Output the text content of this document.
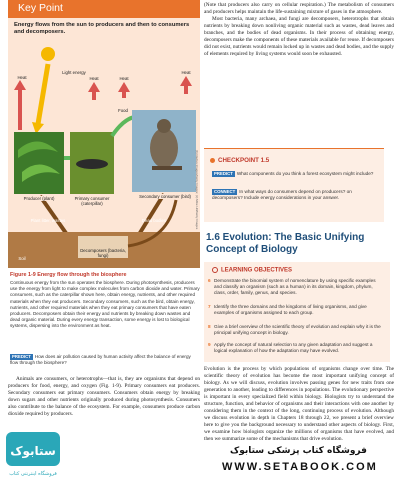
Key Point
Energy flows from the sun to producers and then to consumers and decomposers.
Heat
Light energy
Heat	Heat
Heat
Food
Producer (plant)	Primary consumer (caterpillar)
Secondary consumer (bird)
Plant litter, wastes	Dead bodies
Decomposers (bacteria, fungi)
Soil
(b) Radius Images/Getty Images; (c) Mike Hill/Getty Images
Figure 1-9 Energy flow through the biosphere
Continuous energy from the sun operates the biosphere. During photosynthesis, producers use the energy from light to make complex molecules from carbon dioxide and water. Primary consumers, such as the caterpillar shown here, obtain energy, nutrients, and other required materials when they eat producers. Secondary consumers, such as the bird, obtain energy, nutrients, and other required materials when they eat primary consumers that have eaten producers. Decomposers obtain their energy and nutrients by breaking down wastes and dead organic material. During every energy transaction, some energy is lost to biological systems, dispersing into the environment as heat.
PREDICT How does air pollution caused by human activity affect the balance of energy flow through the biosphere?

Animals are consumers, or heterotrophs—that is, they are organisms that depend on producers for food, energy, and oxygen (Fig. 1-9). Primary consumers eat producers. Secondary consumers eat primary consumers. Consumers obtain energy by breaking down sugars and other nutrients originally produced during photosynthesis. Consumers also contribute to the balance of the ecosystem. For example, consumers produce carbon dioxide required by producers.

(Note that producers also carry on cellular respiration.) The metabolism of consumers and producers helps maintain the life-sustaining mixture of gases in the atmosphere.

Most bacteria, many archaea, and fungi are decomposers, heterotrophs that obtain nutrients by breaking down nonliving organic material such as wastes, dead leaves and branches, and the bodies of dead organisms. In their process of obtaining energy, decomposers make the components of these materials available for reuse. If decomposers did not exist, nutrients would remain locked up in wastes and dead bodies, and the supply of elements required by living systems would soon be exhausted.

CHECKPOINT 1.5
PREDICT What components do you think a forest ecosystem might include?
CONNECT In what ways do consumers depend on producers? on decomposers? Include energy considerations in your answer.
1.6 Evolution: The Basic Unifying Concept of Biology
LEARNING OBJECTIVES
6 Demonstrate the binomial system of nomenclature by using specific examples and classify an organism (such as a human) in its domain, kingdom, phylum, class, order, family, genus, and species.
7 Identify the three domains and the kingdoms of living organisms, and give examples of organisms assigned to each group.
8 Give a brief overview of the scientific theory of evolution and explain why it is the principal unifying concept in biology.
9 Apply the concept of natural selection to any given adaptation and suggest a logical explanation of how the adaptation may have evolved.

Evolution is the process by which populations of organisms change over time. The scientific theory of evolution has become the most important unifying concept of biology. As we will discuss, evolution involves passing genes for new traits from one generation to another, leading to differences in populations. The evolutionary perspective is important in every specialized field within biology. Biologists try to understand the structure, function, and behavior of organisms and their interactions with one another by considering them in the context of the long, continuing process of evolution. Although we discuss evolution in depth in Chapters 18 through 22, we present a brief overview here to give you the background necessary to understand other aspects of biology. First, we examine how biologists organize the millions of organisms that have evolved, and then we summarize some of the mechanisms that drive evolution.

ستابوک
فروشگاه اینترنتی کتاب
فروشگاه کتاب پزشکی ستابوک
WWW.SETABOOK.COM
